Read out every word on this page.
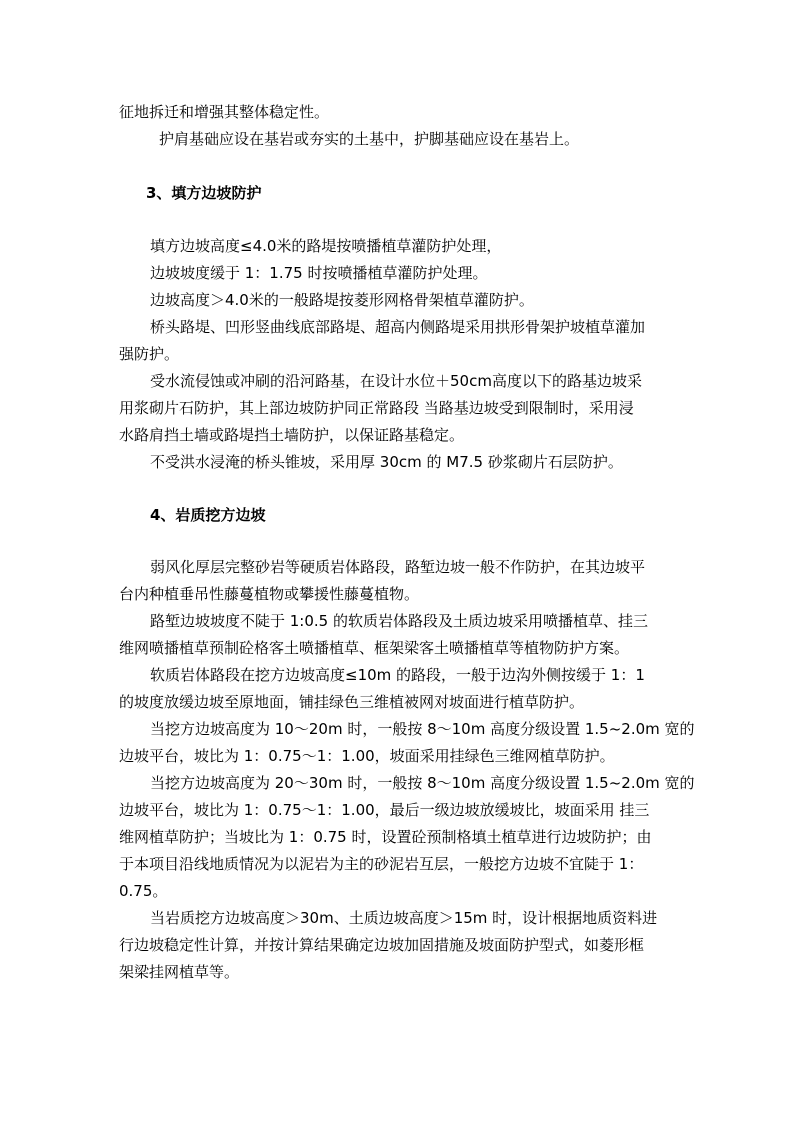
征地拆迁和增强其整体稳定性。
护肩基础应设在基岩或夯实的土基中，护脚基础应设在基岩上。
3、填方边坡防护
填方边坡高度≤4.0米的路堤按喷播植草灌防护处理，
边坡坡度缓于 1：1.75 时按喷播植草灌防护处理。
边坡高度＞4.0米的一般路堤按菱形网格骨架植草灌防护。
桥头路堤、凹形竖曲线底部路堤、超高内侧路堤采用拱形骨架护坡植草灌加
强防护。
受水流侵蚀或冲刷的沿河路基，在设计水位＋50cm高度以下的路基边坡采
用浆砌片石防护，其上部边坡防护同正常路段 当路基边坡受到限制时，采用浸
水路肩挡土墙或路堤挡土墙防护，以保证路基稳定。
不受洪水浸淹的桥头锥坡，采用厚 30cm 的 M7.5 砂浆砌片石层防护。
4、岩质挖方边坡
弱风化厚层完整砂岩等硬质岩体路段，路堑边坡一般不作防护，在其边坡平
台内种植垂吊性藤蔓植物或攀援性藤蔓植物。
路堑边坡坡度不陡于 1:0.5 的软质岩体路段及土质边坡采用喷播植草、挂三
维网喷播植草预制砼格客土喷播植草、框架梁客土喷播植草等植物防护方案。
软质岩体路段在挖方边坡高度≤10m 的路段，一般于边沟外侧按缓于 1：1
的坡度放缓边坡至原地面，铺挂绿色三维植被网对坡面进行植草防护。
当挖方边坡高度为 10～20m 时，一般按 8～10m 高度分级设置 1.5~2.0m 宽的
边坡平台，坡比为 1：0.75～1：1.00，坡面采用挂绿色三维网植草防护。
当挖方边坡高度为 20～30m 时，一般按 8～10m 高度分级设置 1.5~2.0m 宽的
边坡平台，坡比为 1：0.75～1：1.00，最后一级边坡放缓坡比，坡面采用 挂三
维网植草防护；当坡比为 1：0.75 时，设置砼预制格填土植草进行边坡防护；由
于本项目沿线地质情况为以泥岩为主的砂泥岩互层，一般挖方边坡不宜陡于 1：
0.75。
当岩质挖方边坡高度＞30m、土质边坡高度＞15m 时，设计根据地质资料进
行边坡稳定性计算，并按计算结果确定边坡加固措施及坡面防护型式，如菱形框
架梁挂网植草等。
